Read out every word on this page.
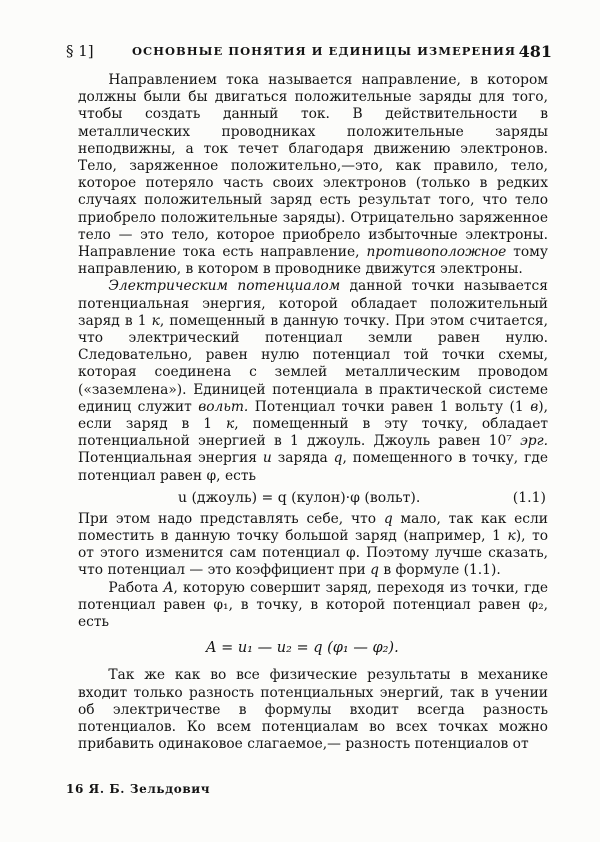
§ 1]	ОСНОВНЫЕ ПОНЯТИЯ И ЕДИНИЦЫ ИЗМЕРЕНИЯ 481

Направлением тока называется направление, в котором должны были бы двигаться положительные заряды для того, чтобы создать данный ток. В действительности в металлических проводниках положительные заряды неподвижны, а ток течет благодаря движению электронов. Тело, заряженное положительно,—это, как правило, тело, которое потеряло часть своих электронов (только в редких случаях положительный заряд есть результат того, что тело приобрело положительные заряды). Отрицательно заряженное тело — это тело, которое приобрело избыточные электроны. Направление тока есть направление, противоположное тому направлению, в котором в проводнике движутся электроны.

Электрическим потенциалом данной точки называется потенциальная энергия, которой обладает положительный заряд в 1 к, помещенный в данную точку. При этом считается, что электрический потенциал земли равен нулю. Следовательно, равен нулю потенциал той точки схемы, которая соединена с землей металлическим проводом («заземлена»). Единицей потенциала в практической системе единиц служит вольт. Потенциал точки равен 1 вольту (1 в), если заряд в 1 к, помещенный в эту точку, обладает потенциальной энергией в 1 джоуль. Джоуль равен 10⁷ эрг. Потенциальная энергия u заряда q, помещенного в точку, где потенциал равен φ, есть

u (джоуль) = q (кулон)·φ (вольт).	(1.1)

При этом надо представлять себе, что q мало, так как если поместить в данную точку большой заряд (например, 1 к), то от этого изменится сам потенциал φ. Поэтому лучше сказать, что потенциал — это коэффициент при q в формуле (1.1).

Работа A, которую совершит заряд, переходя из точки, где потенциал равен φ₁, в точку, в которой потенциал равен φ₂, есть

A = u₁ — u₂ = q (φ₁ — φ₂).

Так же как во все физические результаты в механике входит только разность потенциальных энергий, так в учении об электричестве в формулы входит всегда разность потенциалов. Ко всем потенциалам во всех точках можно прибавить одинаковое слагаемое,— разность потенциалов от

16 Я. Б. Зельдович
